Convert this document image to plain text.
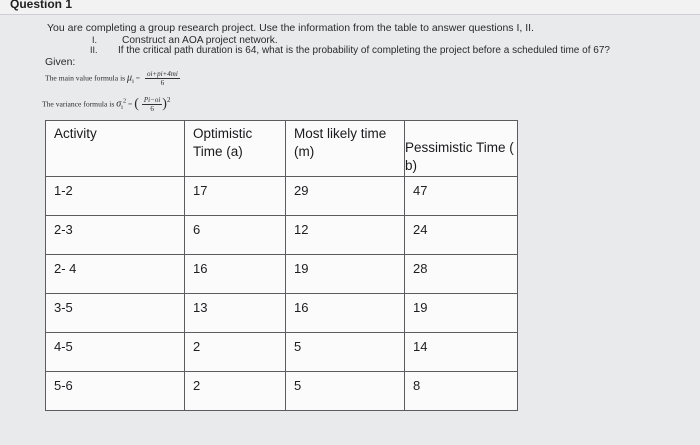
Question 1
You are completing a group research project. Use the information from the table to answer questions I, II.
I. Construct an AOA project network.
II. If the critical path duration is 64, what is the probability of completing the project before a scheduled time of 67?
Given:
The main value formula is $\mu_i = \frac{oi+pi+4mi}{6}$
The variance formula is $\sigma_i^2$ = ( $\frac{Pi-oi}{6} )2$
Activity	Optimistic Time (a)	Most likely time (m)	Pessimistic Time ( b)

1-2	17	29	47

2-3	6	12	24

2- 4	16	19	28

3-5	13	16	19

4-5	2	5	14

5-6	2	5	8
